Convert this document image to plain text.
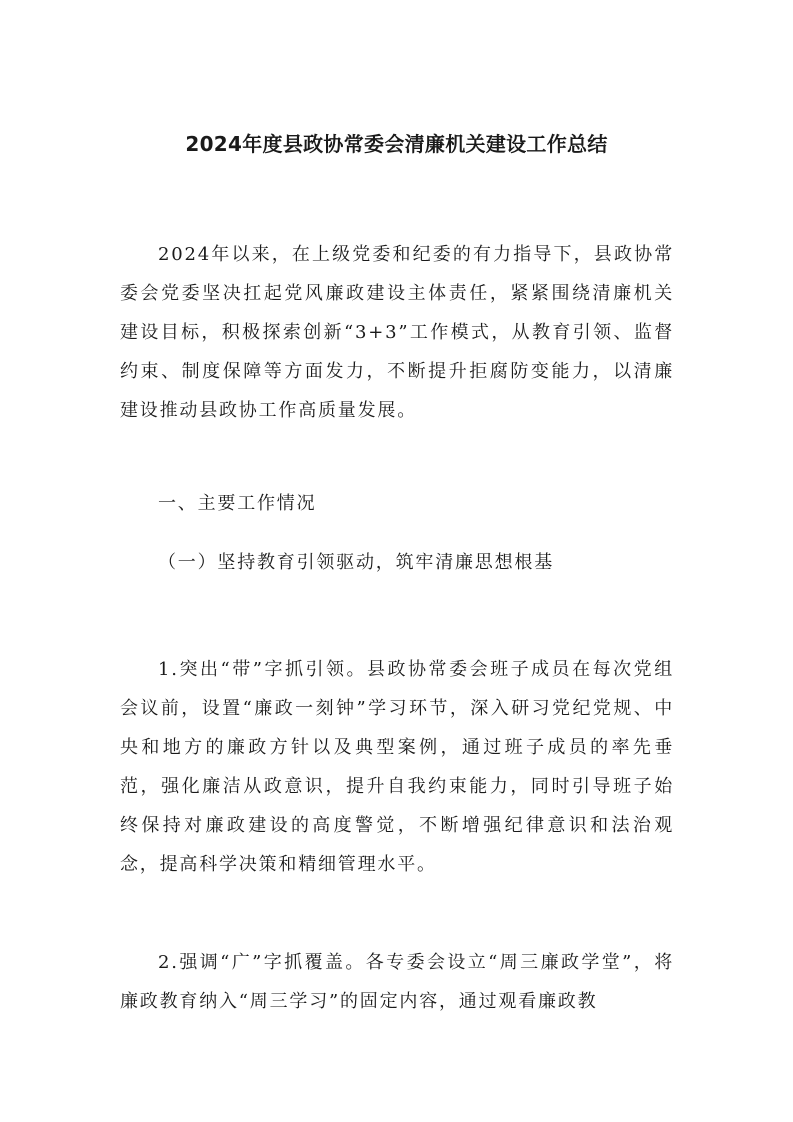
2024年度县政协常委会清廉机关建设工作总结

2024年以来，在上级党委和纪委的有力指导下，县政协常委会党委坚决扛起党风廉政建设主体责任，紧紧围绕清廉机关建设目标，积极探索创新“3+3”工作模式，从教育引领、监督约束、制度保障等方面发力，不断提升拒腐防变能力，以清廉建设推动县政协工作高质量发展。

一、主要工作情况

（一）坚持教育引领驱动，筑牢清廉思想根基

1.突出“带”字抓引领。县政协常委会班子成员在每次党组会议前，设置“廉政一刻钟”学习环节，深入研习党纪党规、中央和地方的廉政方针以及典型案例，通过班子成员的率先垂范，强化廉洁从政意识，提升自我约束能力，同时引导班子始终保持对廉政建设的高度警觉，不断增强纪律意识和法治观念，提高科学决策和精细管理水平。

2.强调“广”字抓覆盖。各专委会设立“周三廉政学堂”，将廉政教育纳入“周三学习”的固定内容，通过观看廉政教
